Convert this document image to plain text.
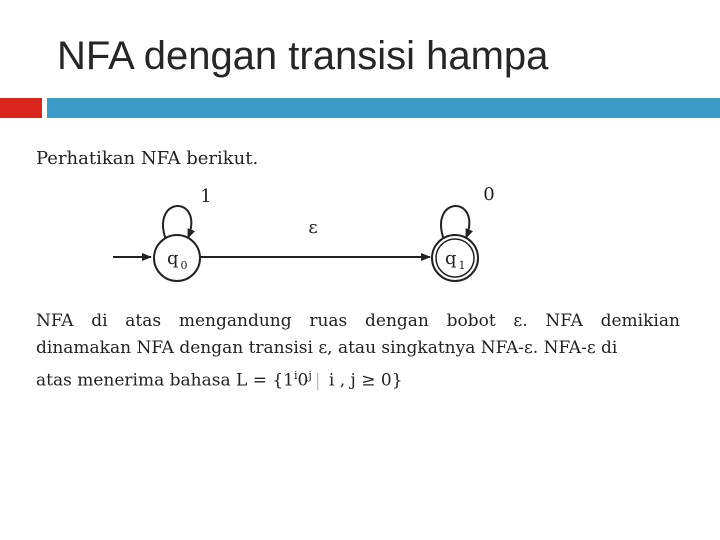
NFA dengan transisi hampa
Perhatikan NFA berikut.
1
ε
q $_0$
0
q $_1$
NFA di atas mengandung ruas dengan bobot ε. NFA demikian
dinamakan NFA dengan transisi ε, atau singkatnya NFA-ε. NFA-ε di
atas menerima bahasa $L = \{1^i0^j$ | i , j ≥ 0}
